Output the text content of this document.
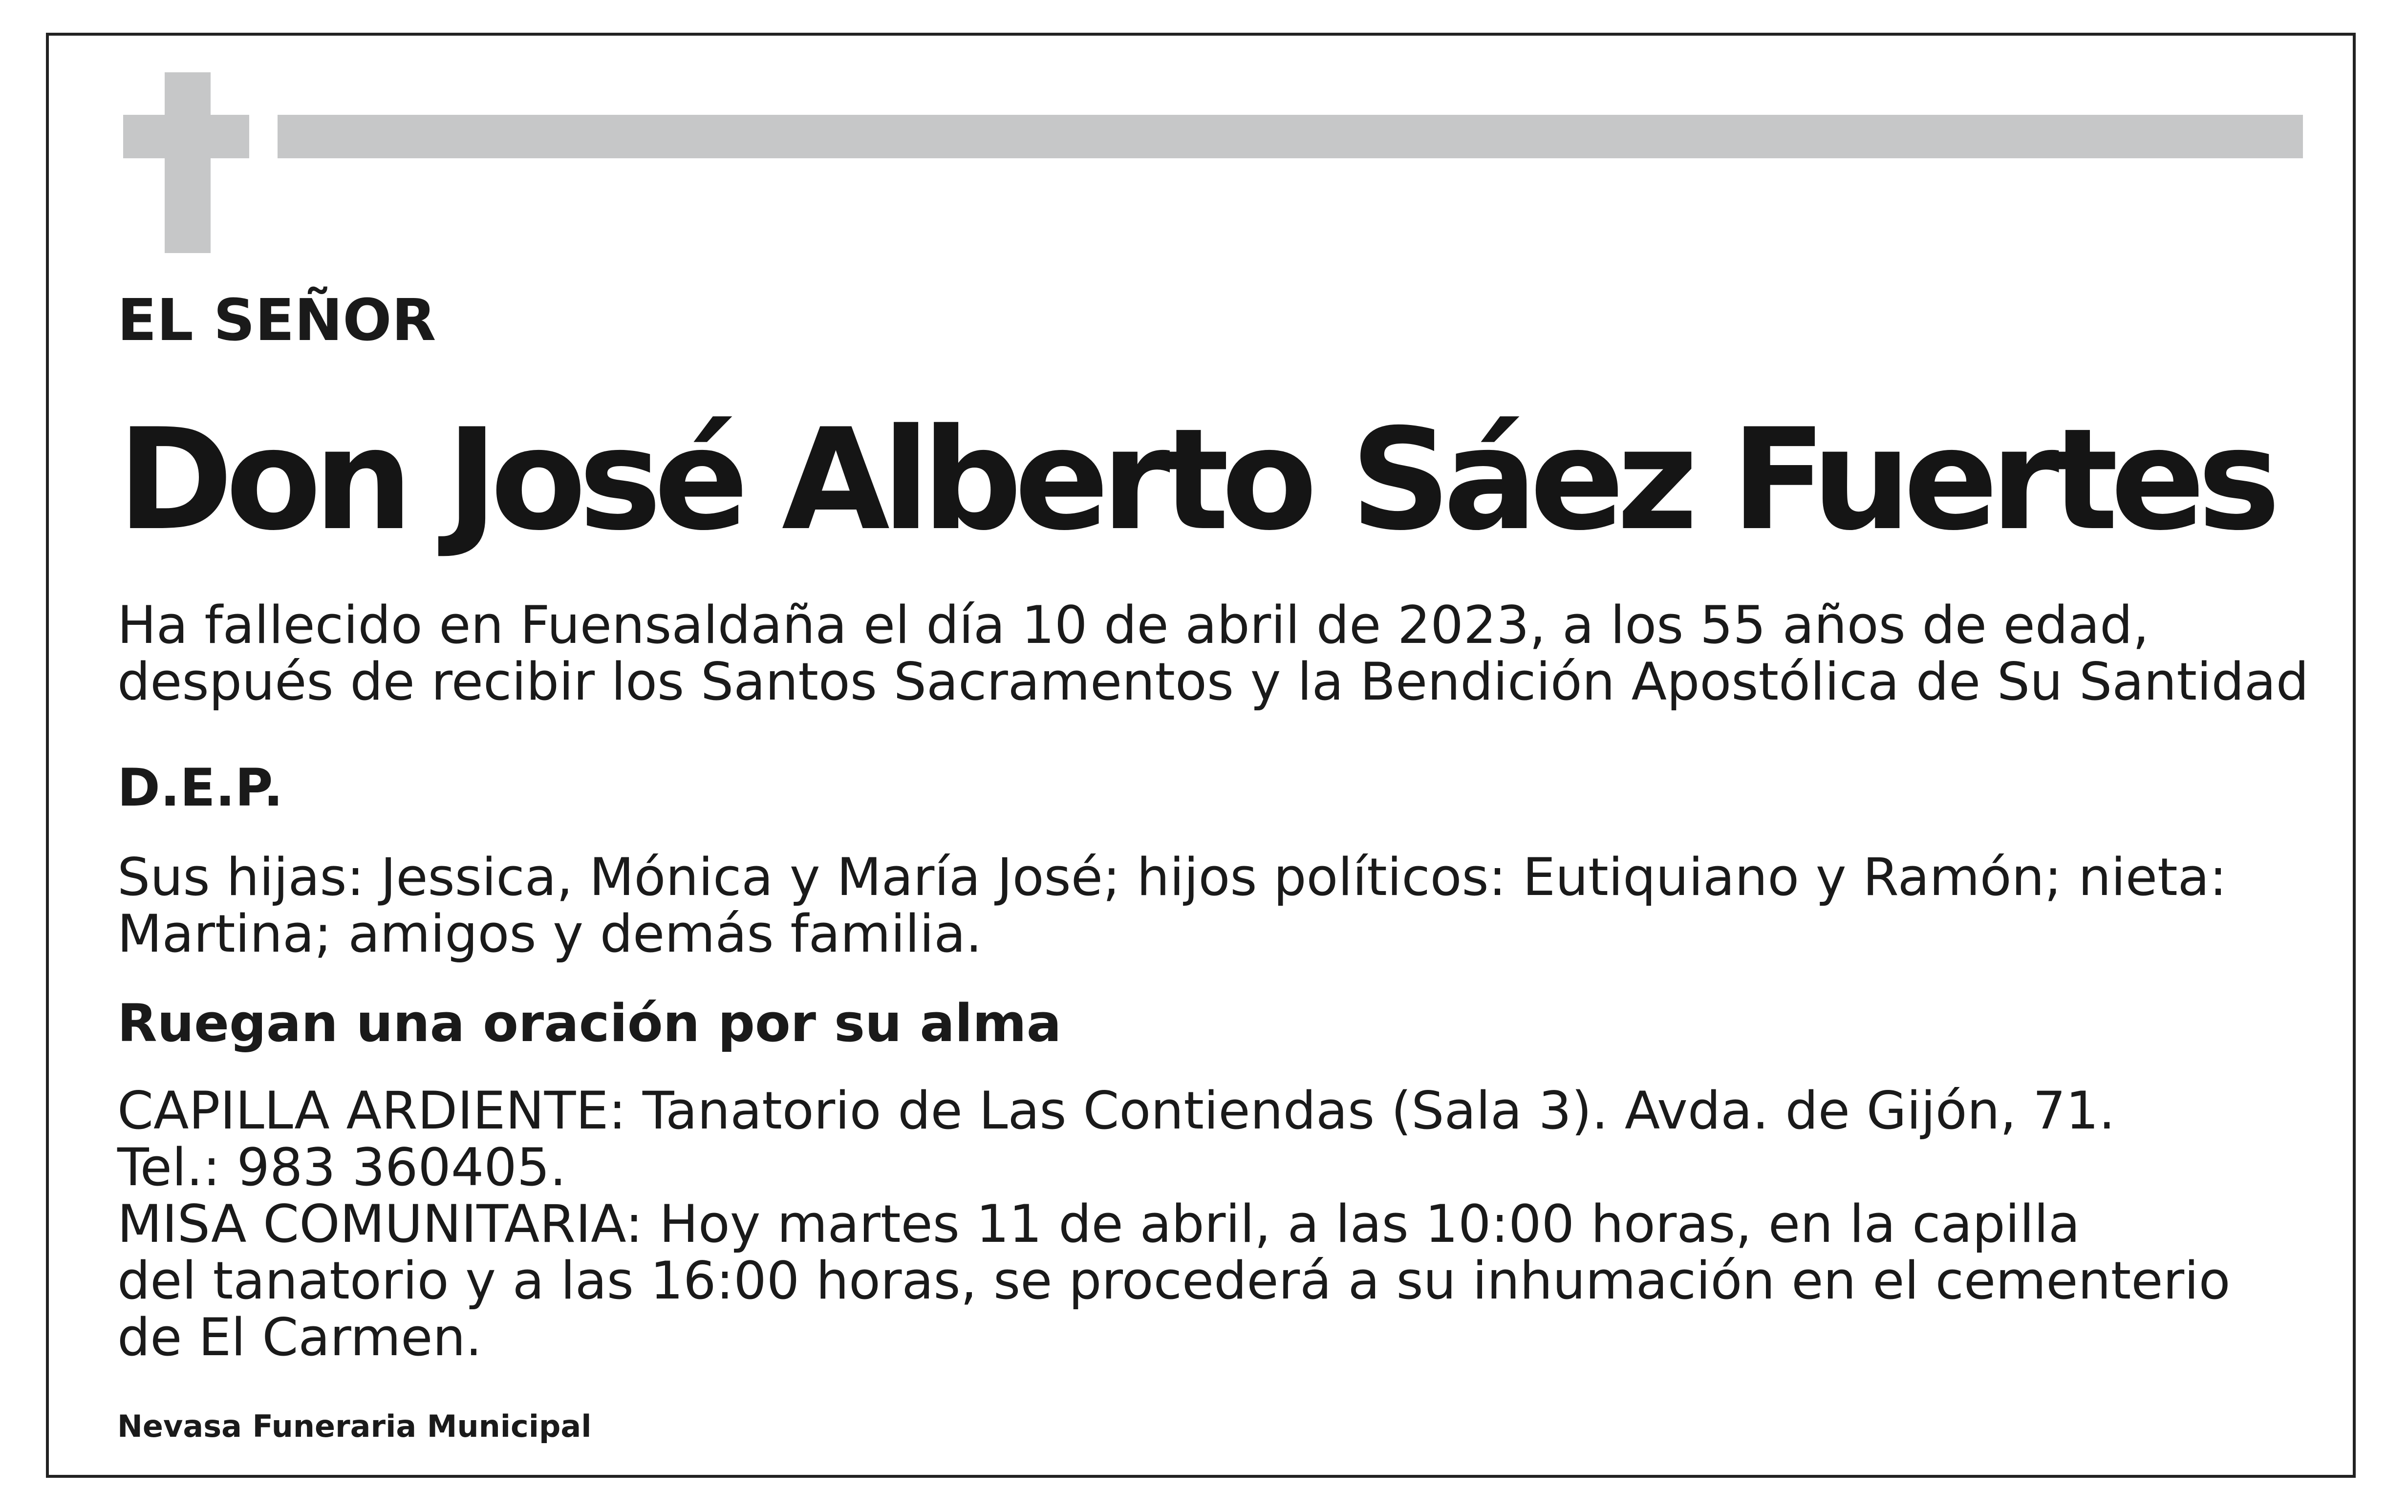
EL SEÑOR

Don José Alberto Sáez Fuertes

Ha fallecido en Fuensaldaña el día 10 de abril de 2023, a los 55 años de edad,

después de recibir los Santos Sacramentos y la Bendición Apostólica de Su Santidad

D.E.P.

Sus hijas: Jessica, Mónica y María José; hijos políticos: Eutiquiano y Ramón; nieta:

Martina; amigos y demás familia.

Ruegan una oración por su alma

CAPILLA ARDIENTE: Tanatorio de Las Contiendas (Sala 3). Avda. de Gijón, 71.

Tel.: 983 360405.

MISA COMUNITARIA: Hoy martes 11 de abril, a las 10:00 horas, en la capilla

del tanatorio y a las 16:00 horas, se procederá a su inhumación en el cementerio

de El Carmen.

Nevasa Funeraria Municipal
